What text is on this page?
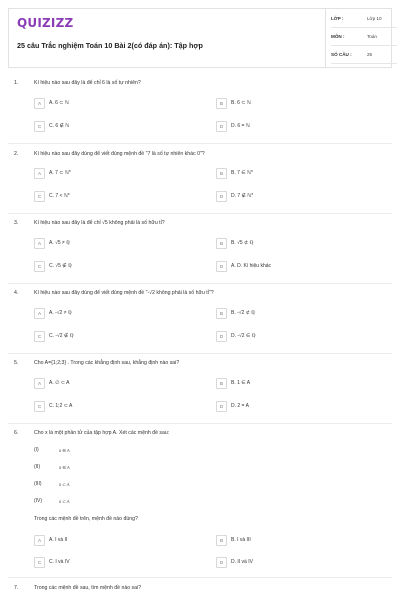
QUIZIZZ
25 câu Trắc nghiệm Toán 10 Bài 2(có đáp án): Tập hợp
LỚP :	Lớp 10
MÔN :	Toán
SỐ CÂU :	25
1.	Kí hiệu nào sau đây là để chỉ 6 là số tự nhiên?
A	A. 6 ⊂ ℕ	B	B. 6 ⊂ ℕ
C	C. 6 ∉ ℕ	D	D. 6 = ℕ
2.	Kí hiệu nào sau đây dùng để viết đúng mệnh đề "7 là số tự nhiên khác 0"?
A	A. 7 ⊂ ℕ*	B	B. 7 ∈ ℕ*
C	C. 7 < ℕ*	D	D. 7 ∉ ℕ*
3.	Kí hiệu nào sau đây là để chỉ √5 không phải là số hữu tỉ?
A	A. √5 ≠ ℚ	B	B. √5 ⊄ ℚ
C	C. √5 ∉ ℚ	D	A. D. Kí hiệu khác
4.	Kí hiệu nào sau đây dùng để viết đúng mệnh đề "-√2 không phải là số hữu tỉ"?
A	A. -√2 ≠ ℚ	B	B. -√2 ⊄ ℚ
C	C. -√2 ∉ ℚ	D	D. -√2 ∈ ℚ
5.	Cho A={1;2;3} . Trong các khẳng định sau, khẳng định nào sai?
A	A. ∅ ⊂ A	B	B. 1 ∈ A
C	C. 1;2 ⊂ A	D	D. 2 = A
6.	Cho x là một phần tử của tập hợp A. Xét các mệnh đề sau:
(I)	x ∈ A
(II)	x ∈ A
(III)	x ⊂ A
(IV)	x ⊂ A
Trong các mệnh đề trên, mệnh đề nào đúng?
A	A. I và II	B	B. I và III
C	C. I và IV	D	D. II và IV
7.	Trong các mệnh đề sau, tìm mệnh đề nào sai?
